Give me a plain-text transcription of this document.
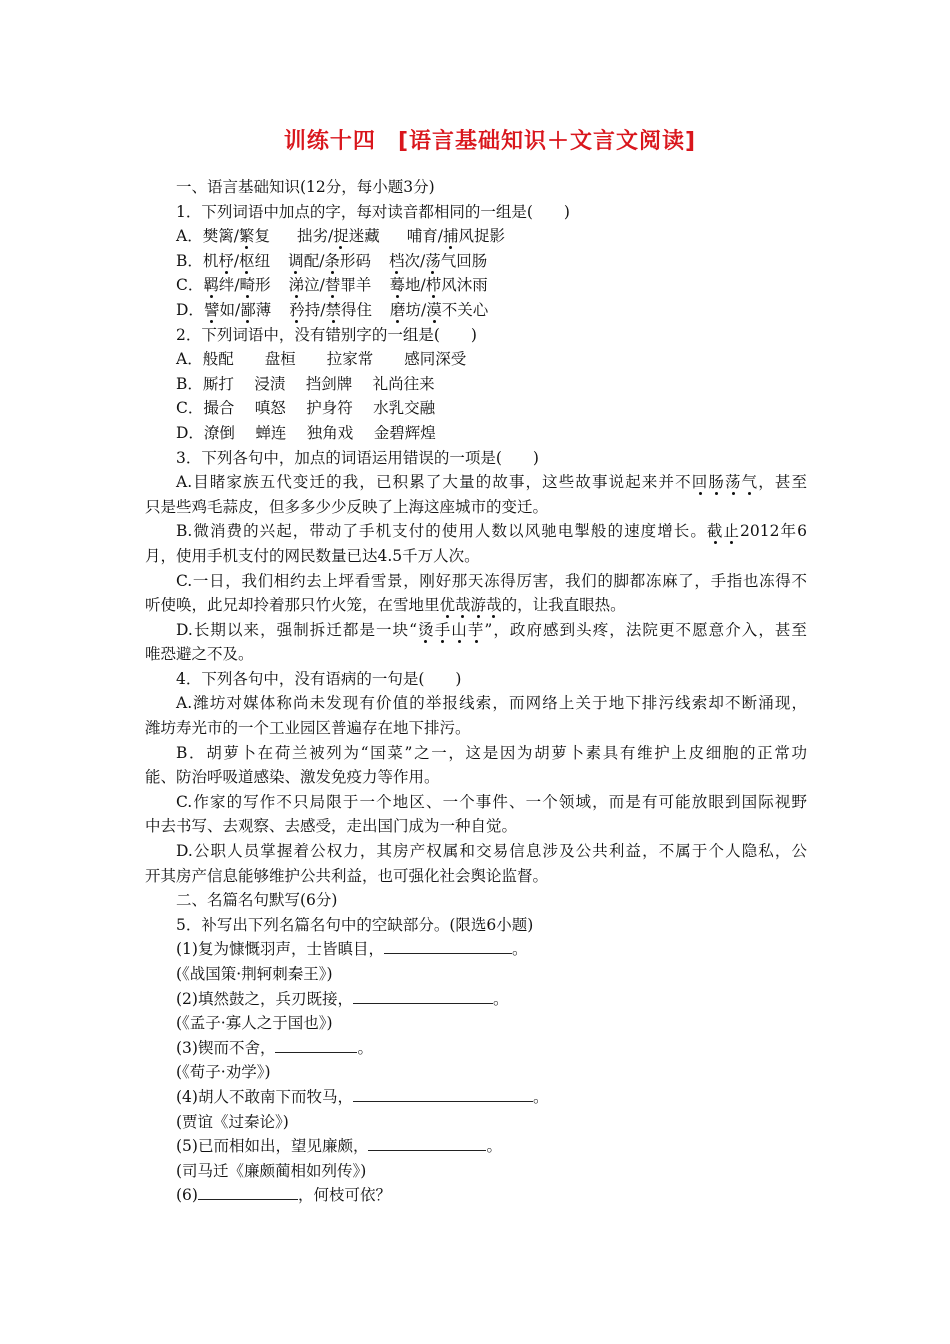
训练十四 [语言基础知识＋文言文阅读]
一、语言基础知识(12分，每小题3分)
1．下列词语中加点的字，每对读音都相同的一组是(　　)
A．樊篱/繁复 拙劣/捉迷藏 哺育/捕风捉影
B．机杼/枢纽 调配/条形码 档次/荡气回肠
C．羁绊/畸形 涕泣/替罪羊 蓦地/栉风沐雨
D．譬如/鄙薄 矜持/禁得住 磨坊/漠不关心
2．下列词语中，没有错别字的一组是(　　)
A．般配　　盘桓　　拉家常　　感同深受
B．厮打　 浸渍　 挡剑牌　 礼尚往来
C．撮合　 嗔怒　 护身符　 水乳交融
D．潦倒　 蝉连　 独角戏　 金碧辉煌
3．下列各句中，加点的词语运用错误的一项是(　　)
A.目睹家族五代变迁的我，已积累了大量的故事，这些故事说起来并不回肠荡气，甚至
只是些鸡毛蒜皮，但多多少少反映了上海这座城市的变迁。
B.微消费的兴起，带动了手机支付的使用人数以风驰电掣般的速度增长。截止2012年6
月，使用手机支付的网民数量已达4.5千万人次。
C.一日，我们相约去上坪看雪景，刚好那天冻得厉害，我们的脚都冻麻了，手指也冻得不
听使唤，此兄却拎着那只竹火笼，在雪地里优哉游哉的，让我直眼热。
D.长期以来，强制拆迁都是一块“烫手山芋”，政府感到头疼，法院更不愿意介入，甚至
唯恐避之不及。
4．下列各句中，没有语病的一句是(　　)
A.潍坊对媒体称尚未发现有价值的举报线索，而网络上关于地下排污线索却不断涌现，
潍坊寿光市的一个工业园区普遍存在地下排污。
B．胡萝卜在荷兰被列为“国菜”之一，这是因为胡萝卜素具有维护上皮细胞的正常功
能、防治呼吸道感染、激发免疫力等作用。
C.作家的写作不只局限于一个地区、一个事件、一个领域，而是有可能放眼到国际视野
中去书写、去观察、去感受，走出国门成为一种自觉。
D.公职人员掌握着公权力，其房产权属和交易信息涉及公共利益，不属于个人隐私，公
开其房产信息能够维护公共利益，也可强化社会舆论监督。
二、名篇名句默写(6分)
5．补写出下列名篇名句中的空缺部分。(限选6小题)
(1)复为慷慨羽声，士皆瞋目，	。
(《战国策·荆轲刺秦王》)
(2)填然鼓之，兵刃既接，	。
(《孟子·寡人之于国也》)
(3)锲而不舍，	。
(《荀子·劝学》)
(4)胡人不敢南下而牧马，	。
(贾谊《过秦论》)
(5)已而相如出，望见廉颇，	。
(司马迁《廉颇蔺相如列传》)
(6)	，何枝可依？
